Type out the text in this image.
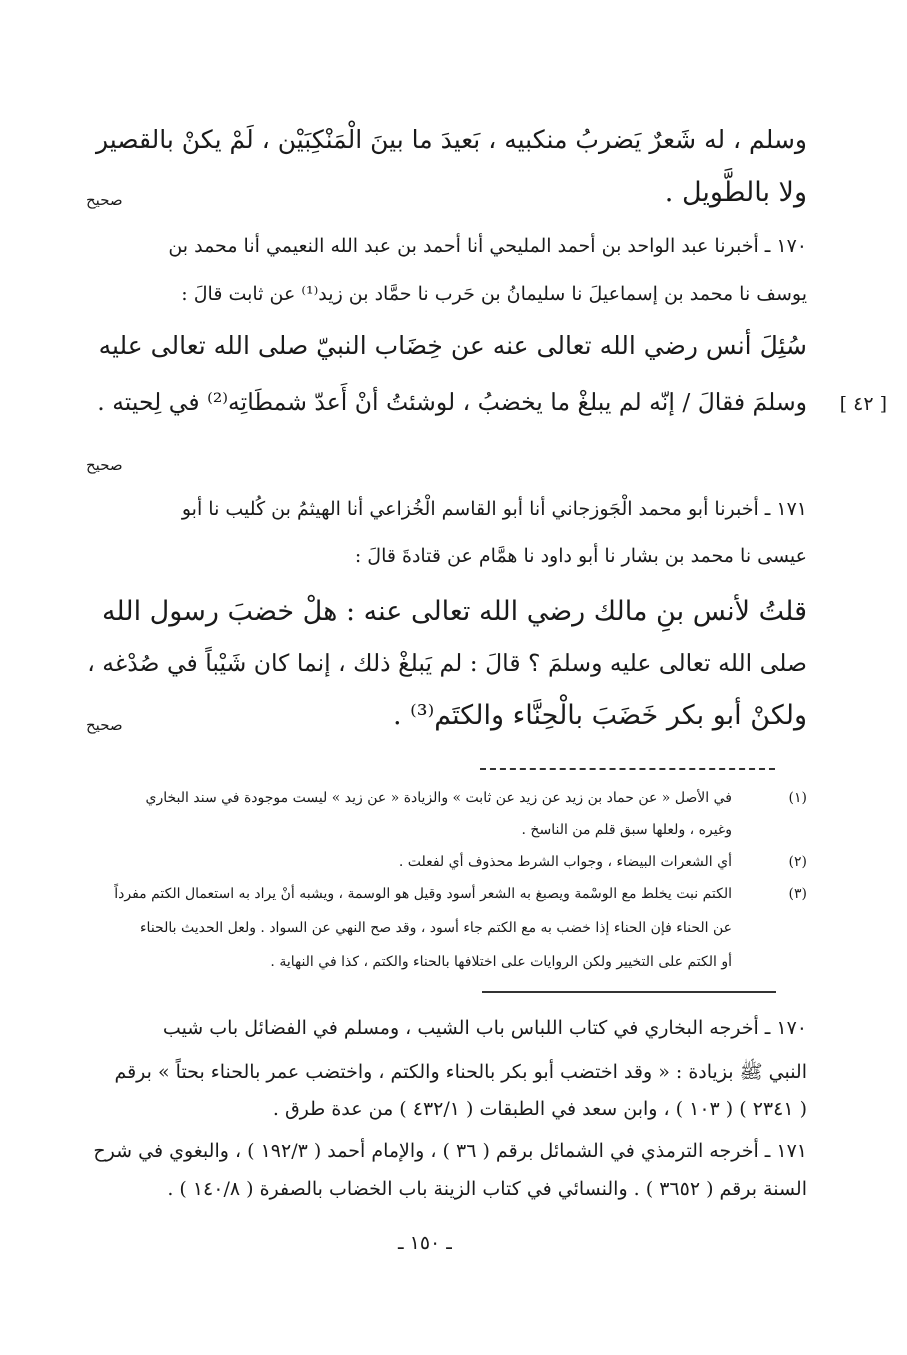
وسلم ، له شَعرٌ يَضربُ منكبيه ، بَعيدَ ما بينَ الْمَنْكِبَيْن ، لَمْ يكنْ بالقصير
ولا بالطَّويل .
صحيح
١٧٠ ـ أخبرنا عبد الواحد بن أحمد المليحي أنا أحمد بن عبد الله النعيمي أنا محمد بن
يوسف نا محمد بن إسماعيلَ نا سليمانُ بن حَرب نا حمَّاد بن زيد⁽¹⁾ عن ثابت قالَ :
سُئِلَ أنس رضي الله تعالى عنه عن خِضَاب النبيّ صلى الله تعالى عليه
وسلمَ فقالَ / إنّه لم يبلغْ ما يخضبُ ، لوشئتُ أنْ أَعدّ شمطَاتِه⁽²⁾ في لِحيته . [ ٤٢ ]
صحيح
١٧١ ـ أخبرنا أبو محمد الْجَوزجاني أنا أبو القاسم الْخُزاعي أنا الهيثمُ بن كُليب نا أبو
عيسى نا محمد بن بشار نا أبو داود نا همَّام عن قتادةَ قالَ :
قلتُ لأنس بنِ مالك رضي الله تعالى عنه : هلْ خضبَ رسول الله
صلى الله تعالى عليه وسلمَ ؟ قالَ : لم يَبلغْ ذلك ، إنما كان شَيْباً في صُدْغه ،
ولكنْ أبو بكر خَضَبَ بالْحِنَّاء والكتَم⁽³⁾ .
صحيح
(١)
في الأصل « عن حماد بن زيد عن زيد عن ثابت » والزيادة « عن زيد » ليست موجودة في سند البخاري
وغيره ، ولعلها سبق قلم من الناسخ .
(٢)
أي الشعرات البيضاء ، وجواب الشرط محذوف أي لفعلت .
(٣)
الكتم نبت يخلط مع الوسْمة ويصبغ به الشعر أسود وقيل هو الوسمة ، ويشبه أنْ يراد به استعمال الكتم مفرداً
عن الحناء فإن الحناء إذا خضب به مع الكتم جاء أسود ، وقد صح النهي عن السواد . ولعل الحديث بالحناء
أو الكتم على التخيير ولكن الروايات على اختلافها بالحناء والكتم ، كذا في النهاية .
١٧٠ ـ أخرجه البخاري في كتاب اللباس باب الشيب ، ومسلم في الفضائل باب شيب
النبي ﷺ بزيادة : « وقد اختضب أبو بكر بالحناء والكتم ، واختضب عمر بالحناء بحتاً » برقم
( ٢٣٤١ ) ( ١٠٣ ) ، وابن سعد في الطبقات ( ٤٣٢/١ ) من عدة طرق .
١٧١ ـ أخرجه الترمذي في الشمائل برقم ( ٣٦ ) ، والإمام أحمد ( ١٩٢/٣ ) ، والبغوي في شرح
السنة برقم ( ٣٦٥٢ ) . والنسائي في كتاب الزينة باب الخضاب بالصفرة ( ١٤٠/٨ ) .
ـ ١٥٠ ـ
